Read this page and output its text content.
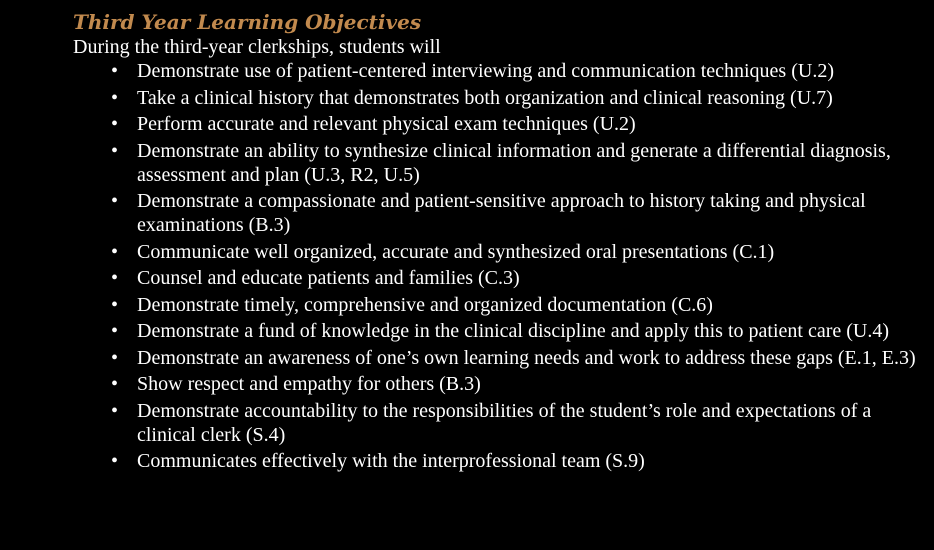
Third Year Learning Objectives

During the third-year clerkships, students will

• Demonstrate use of patient-centered interviewing and communication techniques (U.2)
• Take a clinical history that demonstrates both organization and clinical reasoning (U.7)
• Perform accurate and relevant physical exam techniques (U.2)
• Demonstrate an ability to synthesize clinical information and generate a differential diagnosis, assessment and plan (U.3, R2, U.5)
• Demonstrate a compassionate and patient-sensitive approach to history taking and physical examinations (B.3)
• Communicate well organized, accurate and synthesized oral presentations (C.1)
• Counsel and educate patients and families (C.3)
• Demonstrate timely, comprehensive and organized documentation (C.6)
• Demonstrate a fund of knowledge in the clinical discipline and apply this to patient care (U.4)
• Demonstrate an awareness of one’s own learning needs and work to address these gaps (E.1, E.3)
• Show respect and empathy for others (B.3)
• Demonstrate accountability to the responsibilities of the student’s role and expectations of a clinical clerk (S.4)
• Communicates effectively with the interprofessional team (S.9)
